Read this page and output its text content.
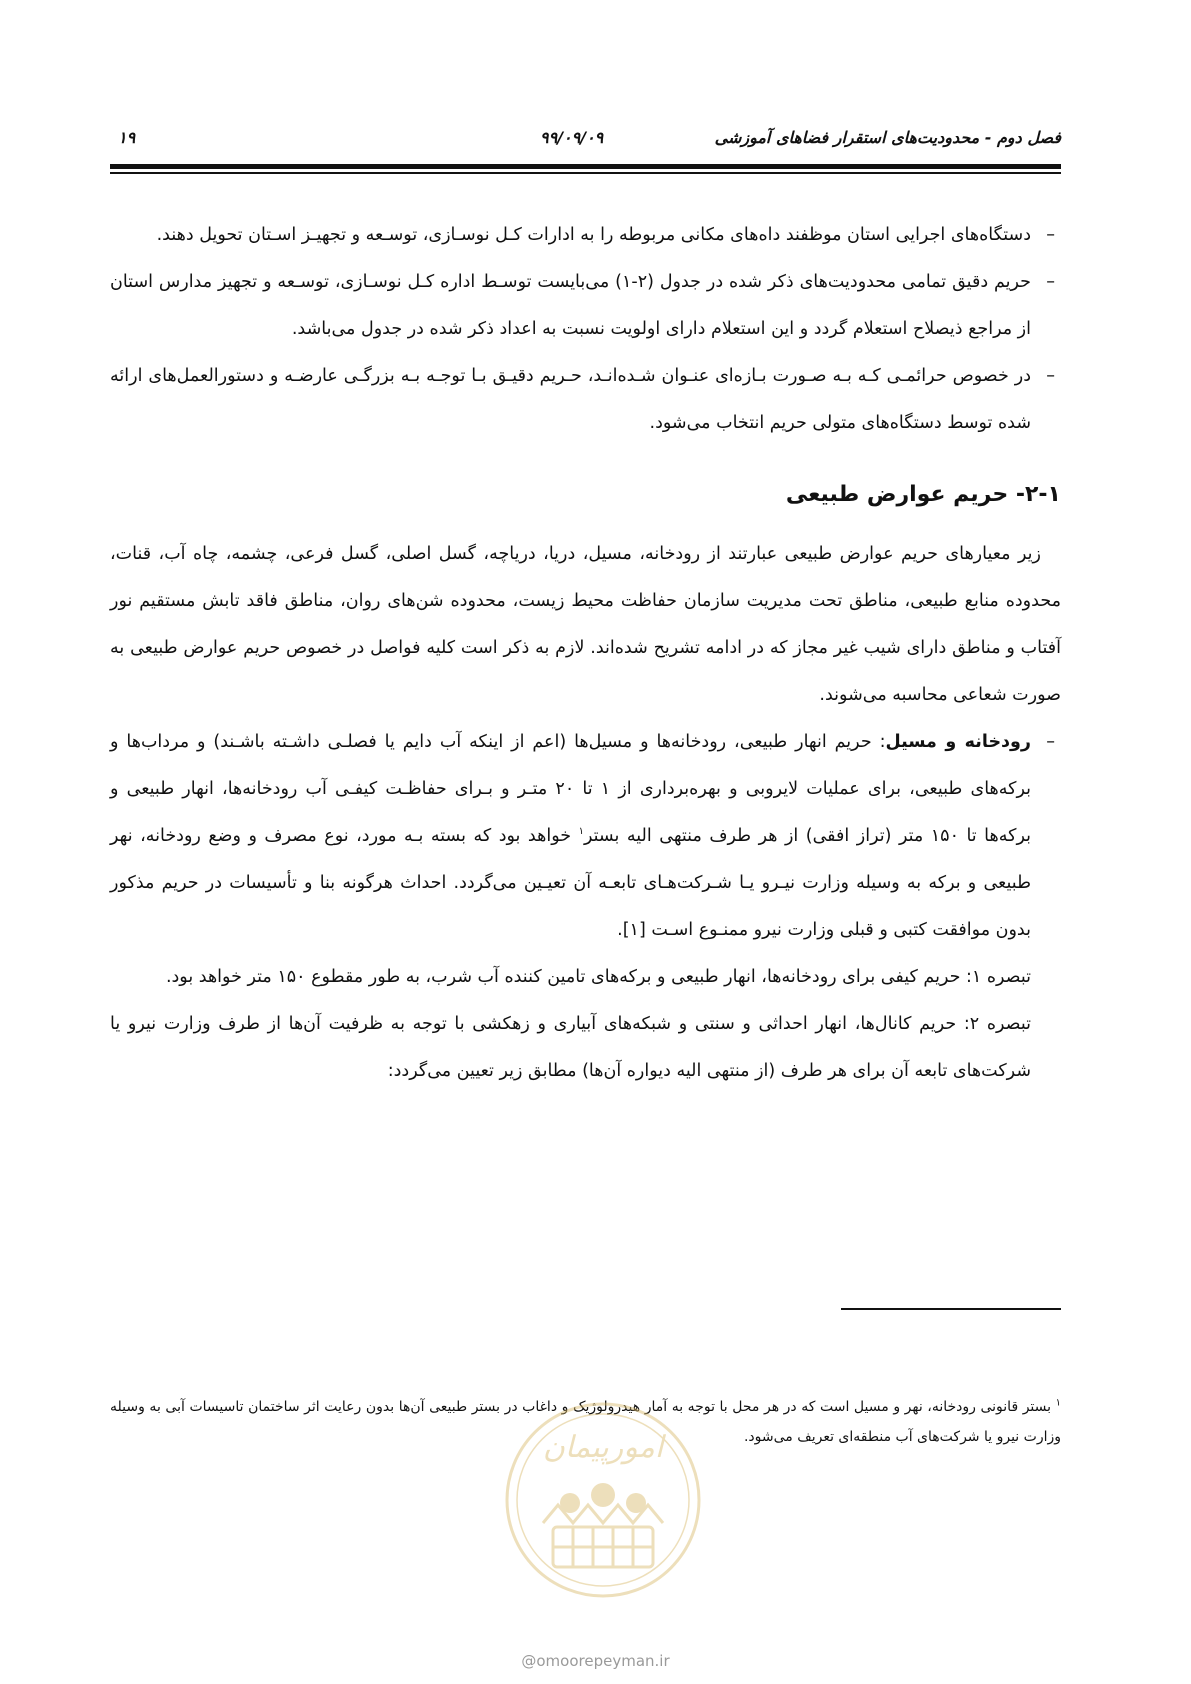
فصل دوم - محدودیت‌های استقرار فضاهای آموزشی
۹۹/۰۹/۰۹
۱۹

–
دستگاه‌های اجرایی استان موظفند داه‌های مکانی مربوطه را به ادارات کـل نوسـازی، توسـعه و تجهیـز اسـتان تحویل دهند.

–
حریم دقیق تمامی محدودیت‌های ذکر شده در جدول (۲-۱) می‌بایست توسـط اداره کـل نوسـازی، توسـعه و تجهیز مدارس استان از مراجع ذیصلاح استعلام گردد و این استعلام دارای اولویت نسبت به اعداد ذکر شده در جدول می‌باشد.

–
در خصوص حرائمـی کـه بـه صـورت بـازه‌ای عنـوان شـده‌انـد، حـریم دقیـق بـا توجـه بـه بزرگـی عارضـه و دستورالعمل‌های ارائه شده توسط دستگاه‌های متولی حریم انتخاب می‌شود.

۲-۱- حریم عوارض طبیعی

زیر معیارهای حریم عوارض طبیعی عبارتند از رودخانه، مسیل، دریا، دریاچه، گسل اصلی، گسل فرعی، چشمه، چاه آب، قنات، محدوده منابع طبیعی، مناطق تحت مدیریت سازمان حفاظت محیط زیست، محدوده شن‌های روان، مناطق فاقد تابش مستقیم نور آفتاب و مناطق دارای شیب غیر مجاز که در ادامه تشریح شده‌اند. لازم به ذکر است کلیه فواصل در خصوص حریم عوارض طبیعی به صورت شعاعی محاسبه می‌شوند.

–
رودخانه و مسیل: حریم انهار طبیعی، رودخانه‌ها و مسیل‌ها (اعم از اینکه آب دایم یا فصلـی داشـته باشـند) و مرداب‌ها و برکه‌های طبیعی، برای عملیات لایروبی و بهره‌برداری از ۱ تا ۲۰ متـر و بـرای حفاظـت کیفـی آب رودخانه‌ها، انهار طبیعی و برکه‌ها تا ۱۵۰ متر (تراز افقی) از هر طرف منتهی الیه بستر$^۱$ خواهد بود که بسته بـه مورد، نوع مصرف و وضع رودخانه، نهر طبیعی و برکه به وسیله وزارت نیـرو یـا شـرکت‌هـای تابعـه آن تعیـین می‌گردد. احداث هرگونه بنا و تأسیسات در حریم مذکور بدون موافقت کتبی و قبلی وزارت نیرو ممنـوع اسـت [۱].

تبصره ۱: حریم کیفی برای رودخانه‌ها، انهار طبیعی و برکه‌های تامین کننده آب شرب، به طور مقطوع ۱۵۰ متر خواهد بود.

تبصره ۲: حریم کانال‌ها، انهار احداثی و سنتی و شبکه‌های آبیاری و زهکشی با توجه به ظرفیت آن‌ها از طرف وزارت نیرو یا شرکت‌های تابعه آن برای هر طرف (از منتهی الیه دیواره آن‌ها) مطابق زیر تعیین می‌گردد:

$^۱$ بستر قانونی رودخانه، نهر و مسیل است که در هر محل با توجه به آمار هیدرولوژیک و داغاب در بستر طبیعی آن‌ها بدون رعایت اثر ساختمان تاسیسات آبی به وسیله وزارت نیرو یا شرکت‌های آب منطقه‌ای تعریف می‌شود.
امورپیمان
@omoorepeyman.ir
